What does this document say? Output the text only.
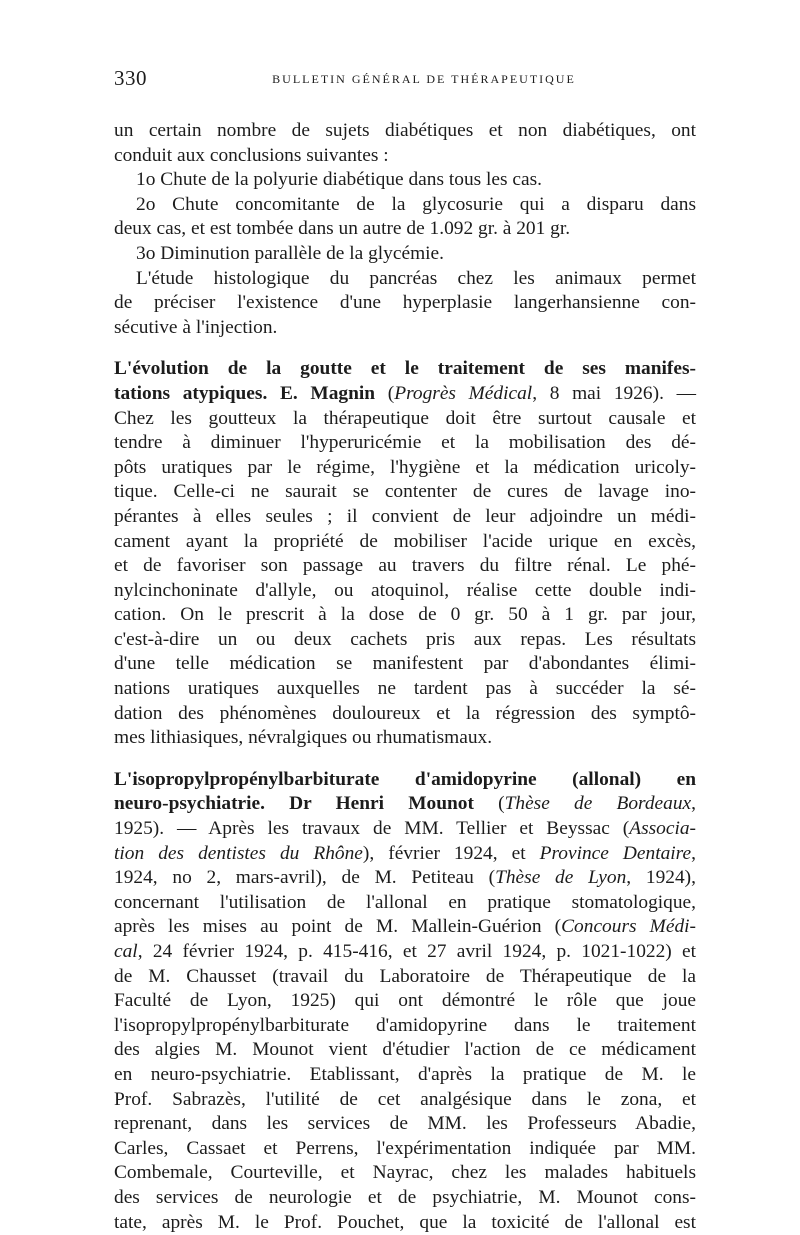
330	BULLETIN GÉNÉRAL DE THÉRAPEUTIQUE
un certain nombre de sujets diabétiques et non diabétiques, ont
conduit aux conclusions suivantes :
1o Chute de la polyurie diabétique dans tous les cas.
2o Chute concomitante de la glycosurie qui a disparu dans
deux cas, et est tombée dans un autre de 1.092 gr. à 201 gr.
3o Diminution parallèle de la glycémie.
L'étude histologique du pancréas chez les animaux permet
de préciser l'existence d'une hyperplasie langerhansienne con-
sécutive à l'injection.
L'évolution de la goutte et le traitement de ses manifes-
tations atypiques. E. Magnin (Progrès Médical, 8 mai 1926). —
Chez les goutteux la thérapeutique doit être surtout causale et
tendre à diminuer l'hyperuricémie et la mobilisation des dé-
pôts uratiques par le régime, l'hygiène et la médication uricoly-
tique. Celle-ci ne saurait se contenter de cures de lavage ino-
pérantes à elles seules ; il convient de leur adjoindre un médi-
cament ayant la propriété de mobiliser l'acide urique en excès,
et de favoriser son passage au travers du filtre rénal. Le phé-
nylcinchoninate d'allyle, ou atoquinol, réalise cette double indi-
cation. On le prescrit à la dose de 0 gr. 50 à 1 gr. par jour,
c'est-à-dire un ou deux cachets pris aux repas. Les résultats
d'une telle médication se manifestent par d'abondantes élimi-
nations uratiques auxquelles ne tardent pas à succéder la sé-
dation des phénomènes douloureux et la régression des symptô-
mes lithiasiques, névralgiques ou rhumatismaux.
L'isopropylpropénylbarbiturate d'amidopyrine (allonal) en
neuro-psychiatrie. Dr Henri Mounot (Thèse de Bordeaux,
1925). — Après les travaux de MM. Tellier et Beyssac (Associa-
tion des dentistes du Rhône), février 1924, et Province Dentaire,
1924, no 2, mars-avril), de M. Petiteau (Thèse de Lyon, 1924),
concernant l'utilisation de l'allonal en pratique stomatologique,
après les mises au point de M. Mallein-Guérion (Concours Médi-
cal, 24 février 1924, p. 415-416, et 27 avril 1924, p. 1021-1022) et
de M. Chausset (travail du Laboratoire de Thérapeutique de la
Faculté de Lyon, 1925) qui ont démontré le rôle que joue
l'isopropylpropénylbarbiturate d'amidopyrine dans le traitement
des algies M. Mounot vient d'étudier l'action de ce médicament
en neuro-psychiatrie. Etablissant, d'après la pratique de M. le
Prof. Sabrazès, l'utilité de cet analgésique dans le zona, et
reprenant, dans les services de MM. les Professeurs Abadie,
Carles, Cassaet et Perrens, l'expérimentation indiquée par MM.
Combemale, Courteville, et Nayrac, chez les malades habituels
des services de neurologie et de psychiatrie, M. Mounot cons-
tate, après M. le Prof. Pouchet, que la toxicité de l'allonal est
